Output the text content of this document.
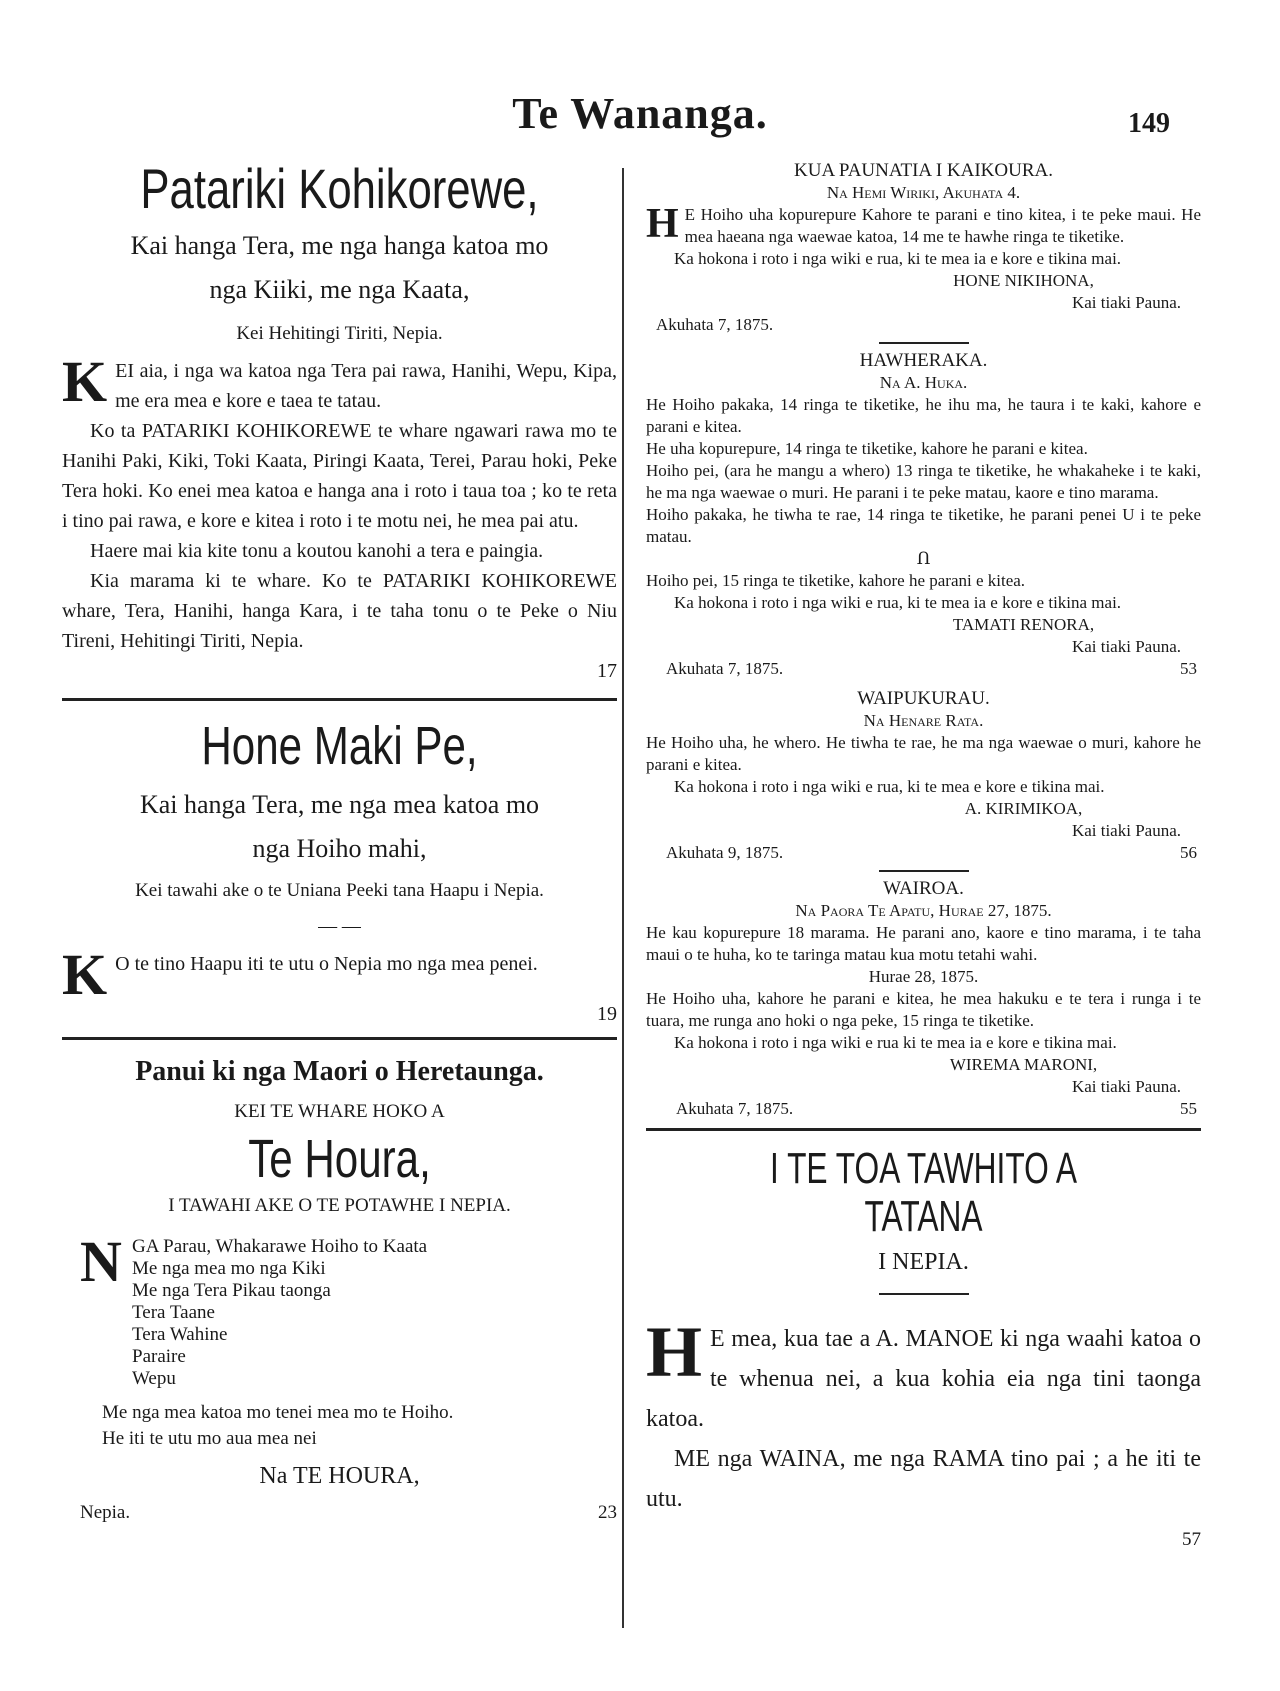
Te Wananga.	149
Patariki Kohikorewe,
Kai hanga Tera, me nga hanga katoa mo
nga Kiiki, me nga Kaata,
Kei Hehitingi Tiriti, Nepia.
K EI aia, i nga wa katoa nga Tera pai rawa, Hanihi, Wepu, Kipa, me era mea e kore e taea te tatau.

Ko ta PATARIKI KOHIKOREWE te whare ngawari rawa mo te Hanihi Paki, Kiki, Toki Kaata, Piringi Kaata, Terei, Parau hoki, Peke Tera hoki. Ko enei mea katoa e hanga ana i roto i taua toa ; ko te reta i tino pai rawa, e kore e kitea i roto i te motu nei, he mea pai atu.

Haere mai kia kite tonu a koutou kanohi a tera e paingia.

Kia marama ki te whare. Ko te PATARIKI KOHIKOREWE whare, Tera, Hanihi, hanga Kara, i te taha tonu o te Peke o Niu Tireni, Hehitingi Tiriti, Nepia.

17
Hone Maki Pe,
Kai hanga Tera, me nga mea katoa mo
nga Hoiho mahi,
Kei tawahi ake o te Uniana Peeki tana Haapu i Nepia.
— —
K O te tino Haapu iti te utu o Nepia mo nga mea penei.
19
Panui ki nga Maori o Heretaunga.
KEI TE WHARE HOKO A
Te Houra,
I TAWAHI AKE O TE POTAWHE I NEPIA.
N GA Parau, Whakarawe Hoiho to Kaata
Me nga mea mo nga Kiki
Me nga Tera Pikau taonga
Tera Taane
Tera Wahine
Paraire
Wepu
Me nga mea katoa mo tenei mea mo te Hoiho.
He iti te utu mo aua mea nei
Na TE HOURA,
Nepia.	23
KUA PAUNATIA I KAIKOURA.
Na Hemi Wiriki, Akuhata 4.
H E Hoiho uha kopurepure Kahore te parani e tino kitea, i te peke maui. He mea haeana nga waewae katoa, 14 me te hawhe ringa te tiketike.

Ka hokona i roto i nga wiki e rua, ki te mea ia e kore e tikina mai.

HONE NIKIHONA,
Kai tiaki Pauna.
Akuhata 7, 1875.
HAWHERAKA.
Na A. Huka.

He Hoiho pakaka, 14 ringa te tiketike, he ihu ma, he taura i te kaki, kahore e parani e kitea.

He uha kopurepure, 14 ringa te tiketike, kahore he parani e kitea.

Hoiho pei, (ara he mangu a whero) 13 ringa te tiketike, he whakaheke i te kaki, he ma nga waewae o muri. He parani i te peke matau, kaore e tino marama.

Hoiho pakaka, he tiwha te rae, 14 ringa te tiketike, he parani penei U i te peke matau.

Ո

Hoiho pei, 15 ringa te tiketike, kahore he parani e kitea.

Ka hokona i roto i nga wiki e rua, ki te mea ia e kore e tikina mai.

TAMATI RENORA,
Kai tiaki Pauna.
Akuhata 7, 1875.	53
WAIPUKURAU.
Na Henare Rata.

He Hoiho uha, he whero. He tiwha te rae, he ma nga waewae o muri, kahore he parani e kitea.

Ka hokona i roto i nga wiki e rua, ki te mea e kore e tikina mai.

A. KIRIMIKOA,
Kai tiaki Pauna.
Akuhata 9, 1875.	56
WAIROA.
Na Paora Te Apatu, Hurae 27, 1875.

He kau kopurepure 18 marama. He parani ano, kaore e tino marama, i te taha maui o te huha, ko te taringa matau kua motu tetahi wahi.

Hurae 28, 1875.

He Hoiho uha, kahore he parani e kitea, he mea hakuku e te tera i runga i te tuara, me runga ano hoki o nga peke, 15 ringa te tiketike.

Ka hokona i roto i nga wiki e rua ki te mea ia e kore e tikina mai.

WIREMA MARONI,
Kai tiaki Pauna.
Akuhata 7, 1875.	55
I TE TOA TAWHITO A TATANA
I NEPIA.
H E mea, kua tae a A. MANOE ki nga waahi katoa o te whenua nei, a kua kohia eia nga tini taonga katoa.

ME nga WAINA, me nga RAMA tino pai ; a he iti te utu.

57
